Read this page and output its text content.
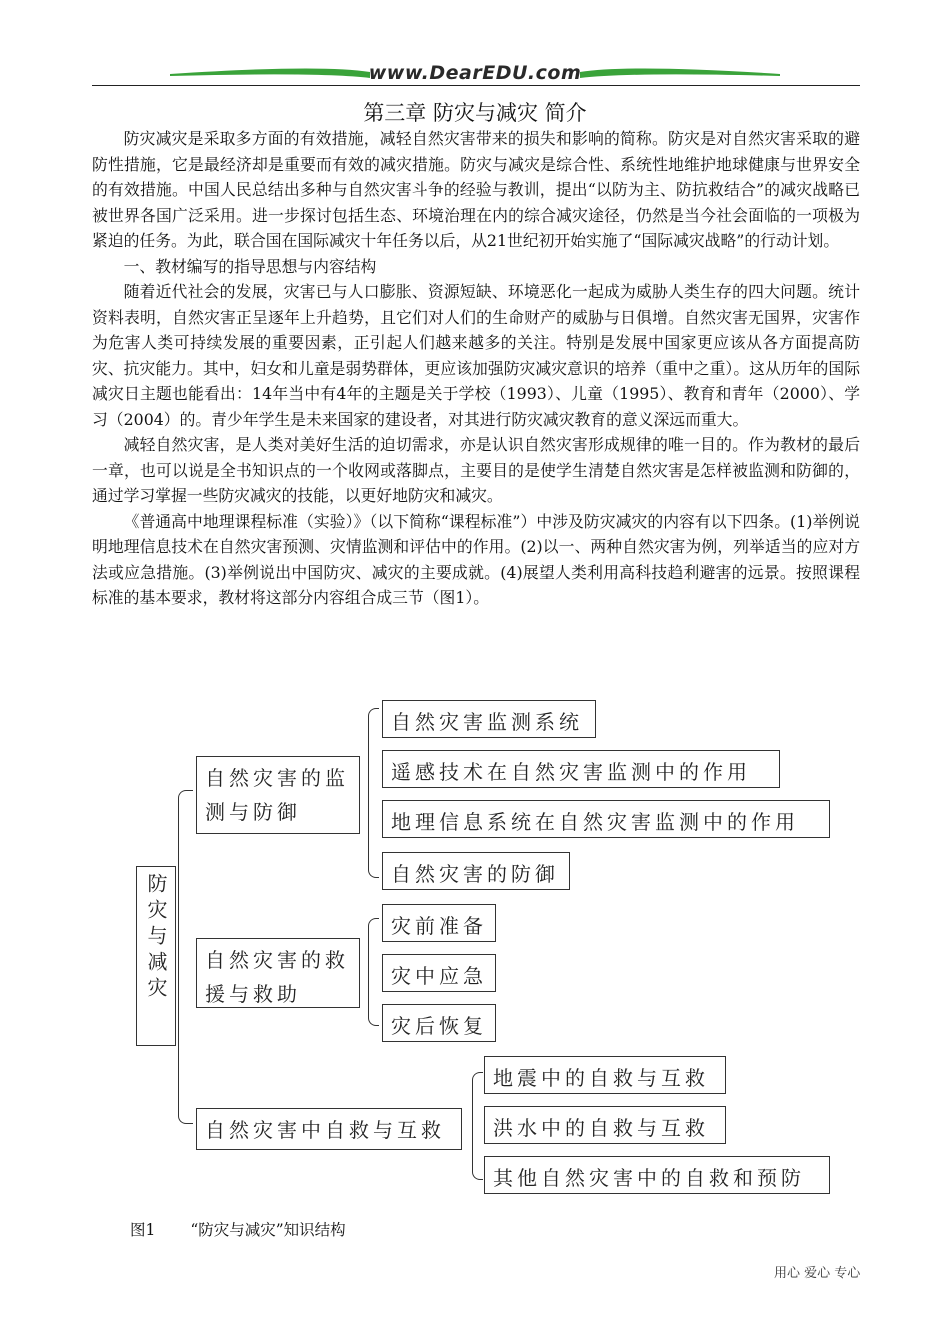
www.DearEDU.com
第三章 防灾与减灾 简介

防灾减灾是采取多方面的有效措施，减轻自然灾害带来的损失和影响的简称。防灾是对自然灾害采取的避防性措施，它是最经济却是重要而有效的减灾措施。防灾与减灾是综合性、系统性地维护地球健康与世界安全的有效措施。中国人民总结出多种与自然灾害斗争的经验与教训，提出“以防为主、防抗救结合”的减灾战略已被世界各国广泛采用。进一步探讨包括生态、环境治理在内的综合减灾途径，仍然是当今社会面临的一项极为紧迫的任务。为此，联合国在国际减灾十年任务以后，从21世纪初开始实施了“国际减灾战略”的行动计划。

一、教材编写的指导思想与内容结构

随着近代社会的发展，灾害已与人口膨胀、资源短缺、环境恶化一起成为威胁人类生存的四大问题。统计资料表明，自然灾害正呈逐年上升趋势，且它们对人们的生命财产的威胁与日俱增。自然灾害无国界，灾害作为危害人类可持续发展的重要因素，正引起人们越来越多的关注。特别是发展中国家更应该从各方面提高防灾、抗灾能力。其中，妇女和儿童是弱势群体，更应该加强防灾减灾意识的培养（重中之重）。这从历年的国际减灾日主题也能看出：14年当中有4年的主题是关于学校（1993）、儿童（1995）、教育和青年（2000）、学习（2004）的。青少年学生是未来国家的建设者，对其进行防灾减灾教育的意义深远而重大。

减轻自然灾害，是人类对美好生活的迫切需求，亦是认识自然灾害形成规律的唯一目的。作为教材的最后一章，也可以说是全书知识点的一个收网或落脚点，主要目的是使学生清楚自然灾害是怎样被监测和防御的，通过学习掌握一些防灾减灾的技能，以更好地防灾和减灾。

《普通高中地理课程标准（实验）》（以下简称“课程标准”）中涉及防灾减灾的内容有以下四条。(1)举例说明地理信息技术在自然灾害预测、灾情监测和评估中的作用。(2)以一、两种自然灾害为例，列举适当的应对方法或应急措施。(3)举例说出中国防灾、减灾的主要成就。(4)展望人类利用高科技趋利避害的远景。按照课程标准的基本要求，教材将这部分内容组合成三节（图1）。

防灾与减灾
自然灾害的监测与防御
自然灾害的救援与救助
自然灾害中自救与互救
自然灾害监测系统
遥感技术在自然灾害监测中的作用
地理信息系统在自然灾害监测中的作用
自然灾害的防御
灾前准备
灾中应急
灾后恢复
地震中的自救与互救
洪水中的自救与互救
其他自然灾害中的自救和预防
图1 “防灾与减灾”知识结构
用心 爱心 专心
